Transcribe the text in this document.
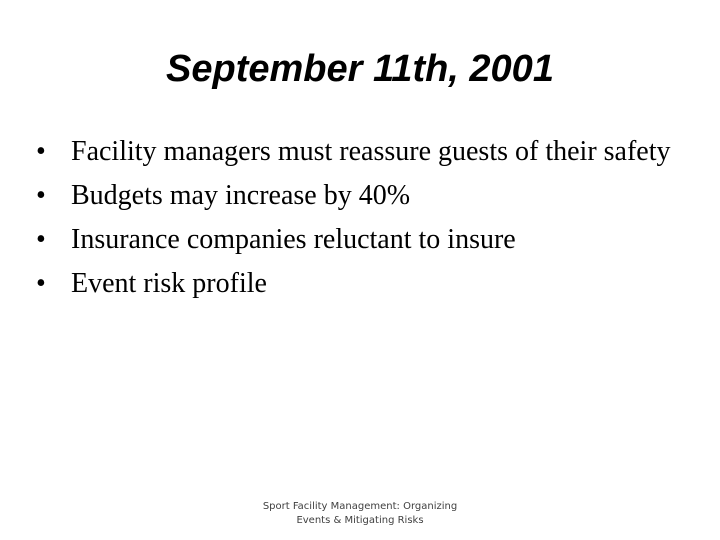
September 11th, 2001
• Facility managers must reassure guests of their safety
• Budgets may increase by 40%
• Insurance companies reluctant to insure
• Event risk profile
Sport Facility Management: Organizing
Events & Mitigating Risks
